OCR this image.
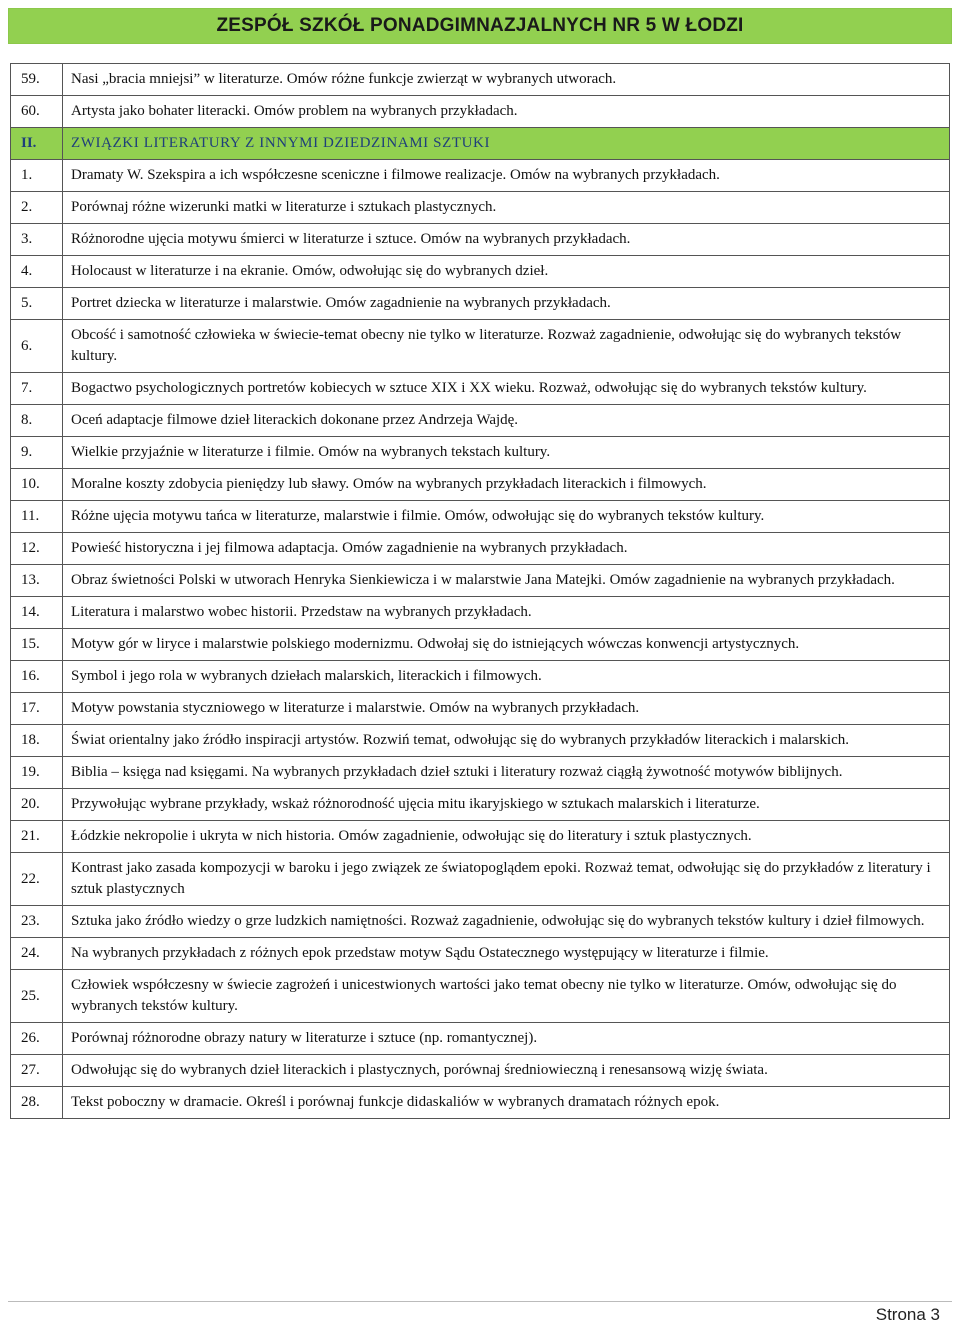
ZESPÓŁ SZKÓŁ PONADGIMNAZJALNYCH NR 5 W ŁODZI
59.	Nasi „bracia mniejsi” w literaturze. Omów różne funkcje zwierząt w wybranych utworach.
60.	Artysta jako bohater literacki. Omów problem na wybranych przykładach.
II.	ZWIĄZKI LITERATURY Z INNYMI DZIEDZINAMI SZTUKI
1.	Dramaty W. Szekspira a ich współczesne sceniczne i filmowe realizacje. Omów na wybranych przykładach.
2.	Porównaj różne wizerunki matki w literaturze i sztukach plastycznych.
3.	Różnorodne ujęcia motywu śmierci w literaturze i sztuce. Omów na wybranych przykładach.
4.	Holocaust w literaturze i na ekranie. Omów, odwołując się do wybranych dzieł.
5.	Portret dziecka w literaturze i malarstwie. Omów zagadnienie na wybranych przykładach.
6.	Obcość i samotność człowieka w świecie-temat obecny nie tylko w literaturze. Rozważ zagadnienie, odwołując się do wybranych tekstów kultury.
7.	Bogactwo psychologicznych portretów kobiecych w sztuce XIX i XX wieku. Rozważ, odwołując się do wybranych tekstów kultury.
8.	Oceń adaptacje filmowe dzieł literackich dokonane przez Andrzeja Wajdę.
9.	Wielkie przyjaźnie w literaturze i filmie. Omów na wybranych tekstach kultury.
10.	Moralne koszty zdobycia pieniędzy lub sławy. Omów na wybranych przykładach literackich i filmowych.
11.	Różne ujęcia motywu tańca w literaturze, malarstwie i filmie. Omów, odwołując się do wybranych tekstów kultury.
12.	Powieść historyczna i jej filmowa adaptacja. Omów zagadnienie na wybranych przykładach.
13.	Obraz świetności Polski w utworach Henryka Sienkiewicza i w malarstwie Jana Matejki. Omów zagadnienie na wybranych przykładach.
14.	Literatura i malarstwo wobec historii. Przedstaw na wybranych przykładach.
15.	Motyw gór w liryce i malarstwie polskiego modernizmu. Odwołaj się do istniejących wówczas konwencji artystycznych.
16.	Symbol i jego rola w wybranych dziełach malarskich, literackich i filmowych.
17.	Motyw powstania styczniowego w literaturze i malarstwie. Omów na wybranych przykładach.
18.	Świat orientalny jako źródło inspiracji artystów. Rozwiń temat, odwołując się do wybranych przykładów literackich i malarskich.
19.	Biblia – księga nad księgami. Na wybranych przykładach dzieł sztuki i literatury rozważ ciągłą żywotność motywów biblijnych.
20.	Przywołując wybrane przykłady, wskaż różnorodność ujęcia mitu ikaryjskiego w sztukach malarskich i literaturze.
21.	Łódzkie nekropolie i ukryta w nich historia. Omów zagadnienie, odwołując się do literatury i sztuk plastycznych.
22.	Kontrast jako zasada kompozycji w baroku i jego związek ze światopoglądem epoki. Rozważ temat, odwołując się do przykładów z literatury i sztuk plastycznych
23.	Sztuka jako źródło wiedzy o grze ludzkich namiętności. Rozważ zagadnienie, odwołując się do wybranych tekstów kultury i dzieł filmowych.
24.	Na wybranych przykładach z różnych epok przedstaw motyw Sądu Ostatecznego występujący w literaturze i filmie.
25.	Człowiek współczesny w świecie zagrożeń i unicestwionych wartości jako temat obecny nie tylko w literaturze. Omów, odwołując się do wybranych tekstów kultury.
26.	Porównaj różnorodne obrazy natury w literaturze i sztuce (np. romantycznej).
27.	Odwołując się do wybranych dzieł literackich i plastycznych, porównaj średniowieczną i renesansową wizję świata.
28.	Tekst poboczny w dramacie. Określ i porównaj funkcje didaskaliów w wybranych dramatach różnych epok.
Strona 3
